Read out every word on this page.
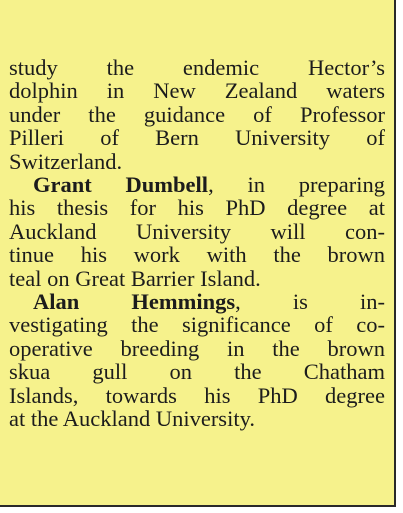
study the endemic Hector’s
dolphin in New Zealand waters
under the guidance of Professor
Pilleri of Bern University of
Switzerland.

Grant Dumbell, in preparing
his thesis for his PhD degree at
Auckland University will con-
tinue his work with the brown
teal on Great Barrier Island.

Alan Hemmings, is in-
vestigating the significance of co-
operative breeding in the brown
skua gull on the Chatham
Islands, towards his PhD degree
at the Auckland University.
